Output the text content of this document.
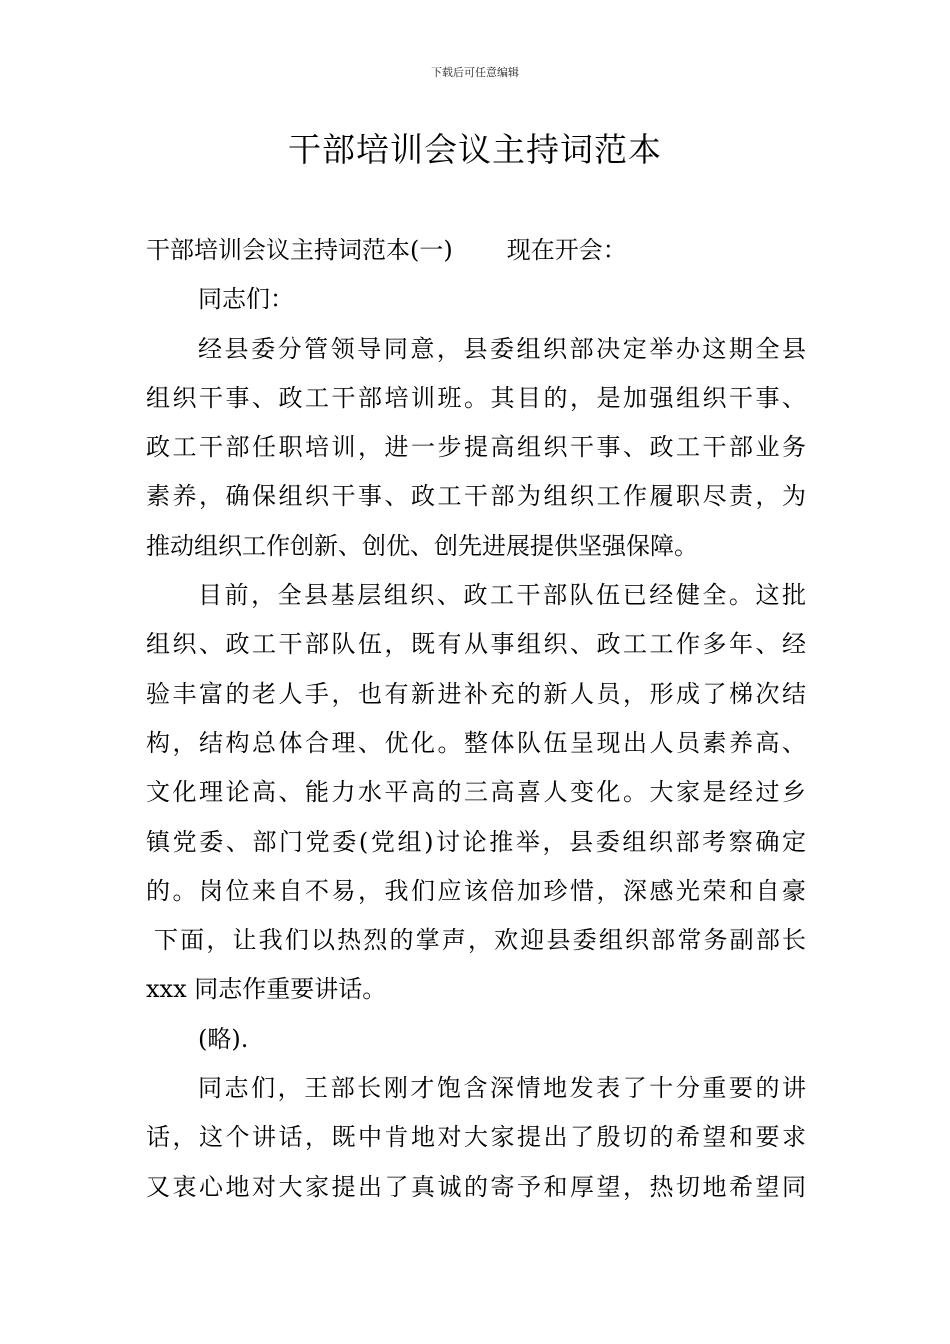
下载后可任意编辑
干部培训会议主持词范本
干部培训会议主持词范本(一) 现在开会：
同志们：
经县委分管领导同意，县委组织部决定举办这期全县
组织干事、政工干部培训班。其目的，是加强组织干事、
政工干部任职培训，进一步提高组织干事、政工干部业务
素养，确保组织干事、政工干部为组织工作履职尽责，为
推动组织工作创新、创优、创先进展提供坚强保障。
目前，全县基层组织、政工干部队伍已经健全。这批
组织、政工干部队伍，既有从事组织、政工工作多年、经
验丰富的老人手，也有新进补充的新人员，形成了梯次结
构，结构总体合理、优化。整体队伍呈现出人员素养高、
文化理论高、能力水平高的三高喜人变化。大家是经过乡
镇党委、部门党委(党组)讨论推举，县委组织部考察确定
的。岗位来自不易，我们应该倍加珍惜，深感光荣和自豪
下面，让我们以热烈的掌声，欢迎县委组织部常务副部长
xxx 同志作重要讲话。
(略).
同志们，王部长刚才饱含深情地发表了十分重要的讲
话，这个讲话，既中肯地对大家提出了殷切的希望和要求
又衷心地对大家提出了真诚的寄予和厚望，热切地希望同
